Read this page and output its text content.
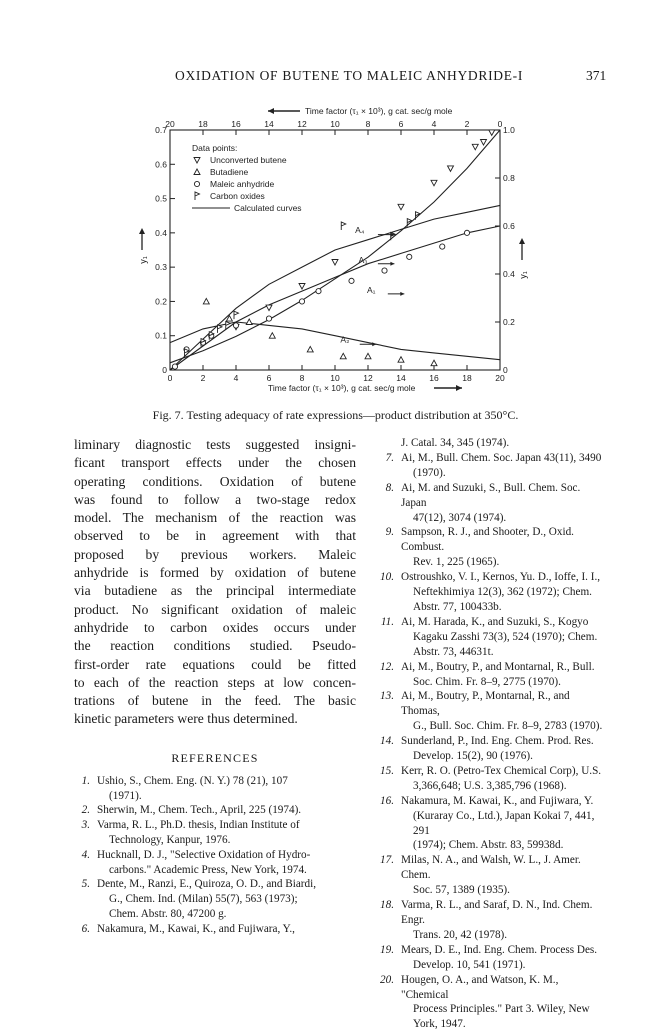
OXIDATION OF BUTENE TO MALEIC ANHYDRIDE-I	371
0	2	4	6	8	10	12	14	16	18	20
20	18	16	14	12	10	8	6	4	2	0
0
0.1
0.2
0.3
0.4
0.5
0.6
0.7
0
0.2
0.4
0.6
0.8
1.0
Time factor (τ₁ × 10³), g cat. sec/g mole
Time factor (τ₁ × 10³), g cat. sec/g mole
y₁
y₁
Data points:
Unconverted butene
Butadiene
Maleic anhydride
Carbon oxides
Calculated curves
A₄
A₃
A₁
A₂
Fig. 7. Testing adequacy of rate expressions—product distribution at 350°C.
liminary diagnostic tests suggested insigni-
ficant transport effects under the chosen
operating conditions. Oxidation of butene
was found to follow a two-stage redox
model. The mechanism of the reaction was
observed to be in agreement with that
proposed by previous workers. Maleic
anhydride is formed by oxidation of butene
via butadiene as the principal intermediate
product. No significant oxidation of maleic
anhydride to carbon oxides occurs under
the reaction conditions studied. Pseudo-
first-order rate equations could be fitted
to each of the reaction steps at low concen-
trations of butene in the feed. The basic
kinetic parameters were thus determined.
REFERENCES
1. Ushio, S., Chem. Eng. (N. Y.) 78 (21), 107
(1971).
2. Sherwin, M., Chem. Tech., April, 225 (1974).
3. Varma, R. L., Ph.D. thesis, Indian Institute of
Technology, Kanpur, 1976.
4. Hucknall, D. J., "Selective Oxidation of Hydro-
carbons." Academic Press, New York, 1974.
5. Dente, M., Ranzi, E., Quiroza, O. D., and Biardi,
G., Chem. Ind. (Milan) 55(7), 563 (1973);
Chem. Abstr. 80, 47200 g.
6. Nakamura, M., Kawai, K., and Fujiwara, Y.,
J. Catal. 34, 345 (1974).
7. Ai, M., Bull. Chem. Soc. Japan 43(11), 3490
(1970).
8. Ai, M. and Suzuki, S., Bull. Chem. Soc. Japan
47(12), 3074 (1974).
9. Sampson, R. J., and Shooter, D., Oxid. Combust.
Rev. 1, 225 (1965).
10. Ostroushko, V. I., Kernos, Yu. D., Ioffe, I. I.,
Neftekhimiya 12(3), 362 (1972); Chem.
Abstr. 77, 100433b.
11. Ai, M. Harada, K., and Suzuki, S., Kogyo
Kagaku Zasshi 73(3), 524 (1970); Chem.
Abstr. 73, 44631t.
12. Ai, M., Boutry, P., and Montarnal, R., Bull.
Soc. Chim. Fr. 8–9, 2775 (1970).
13. Ai, M., Boutry, P., Montarnal, R., and Thomas,
G., Bull. Soc. Chim. Fr. 8–9, 2783 (1970).
14. Sunderland, P., Ind. Eng. Chem. Prod. Res.
Develop. 15(2), 90 (1976).
15. Kerr, R. O. (Petro-Tex Chemical Corp), U.S.
3,366,648; U.S. 3,385,796 (1968).
16. Nakamura, M. Kawai, K., and Fujiwara, Y.
(Kuraray Co., Ltd.), Japan Kokai 7, 441, 291
(1974); Chem. Abstr. 83, 59938d.
17. Milas, N. A., and Walsh, W. L., J. Amer. Chem.
Soc. 57, 1389 (1935).
18. Varma, R. L., and Saraf, D. N., Ind. Chem. Engr.
Trans. 20, 42 (1978).
19. Mears, D. E., Ind. Eng. Chem. Process Des.
Develop. 10, 541 (1971).
20. Hougen, O. A., and Watson, K. M., "Chemical
Process Principles." Part 3. Wiley, New
York, 1947.
